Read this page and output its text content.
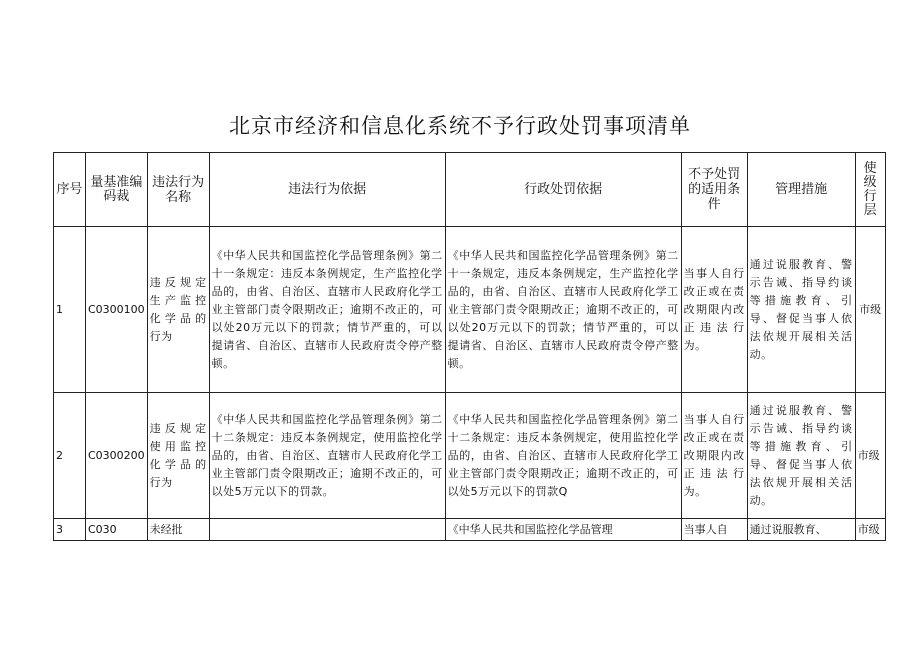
北京市经济和信息化系统不予行政处罚事项清单
序号	量基准编码裁	违法行为名称	违法行为依据	行政处罚依据	不予处罚的适用条件	管理措施	使级行层
1	C0300100	违反规定生产监控化学品的行为	《中华人民共和国监控化学品管理条例》第二十一条规定：违反本条例规定，生产监控化学品的，由省、自治区、直辖市人民政府化学工业主管部门责令限期改正；逾期不改正的，可以处20万元以下的罚款；情节严重的，可以提请省、自治区、直辖市人民政府责令停产整顿。	《中华人民共和国监控化学品管理条例》第二十一条规定，违反本条例规定，生产监控化学品的，由省、自治区、直辖市人民政府化学工业主管部门责令限期改正；逾期不改正的，可以处20万元以下的罚款；情节严重的，可以提请省、自治区、直辖市人民政府责令停产整顿。	当事人自行改正或在责改期限内改正违法行为。	通过说服教育、警示告诫、指导约谈等措施教育、引导、督促当事人依法依规开展相关活动。	市级
2	C0300200	违反规定使用监控化学品的行为	《中华人民共和国监控化学品管理条例》第二十二条规定：违反本条例规定，使用监控化学品的，由省、自治区、直辖市人民政府化学工业主管部门责令限期改正；逾期不改正的，可以处5万元以下的罚款。	《中华人民共和国监控化学品管理条例》第二十二条规定：违反本条例规定，使用监控化学品的，由省、自治区、直辖市人民政府化学工业主管部门责令限期改正；逾期不改正的，可以处5万元以下的罚款Q	当事人自行改正或在责改期限内改正违法行为。	通过说服教育、警示告诫、指导约谈等措施教育、引导、督促当事人依法依规开展相关活动。	市级
3	C030	未经批		《中华人民共和国监控化学品管理	当事人自	通过说服教育、	市级
